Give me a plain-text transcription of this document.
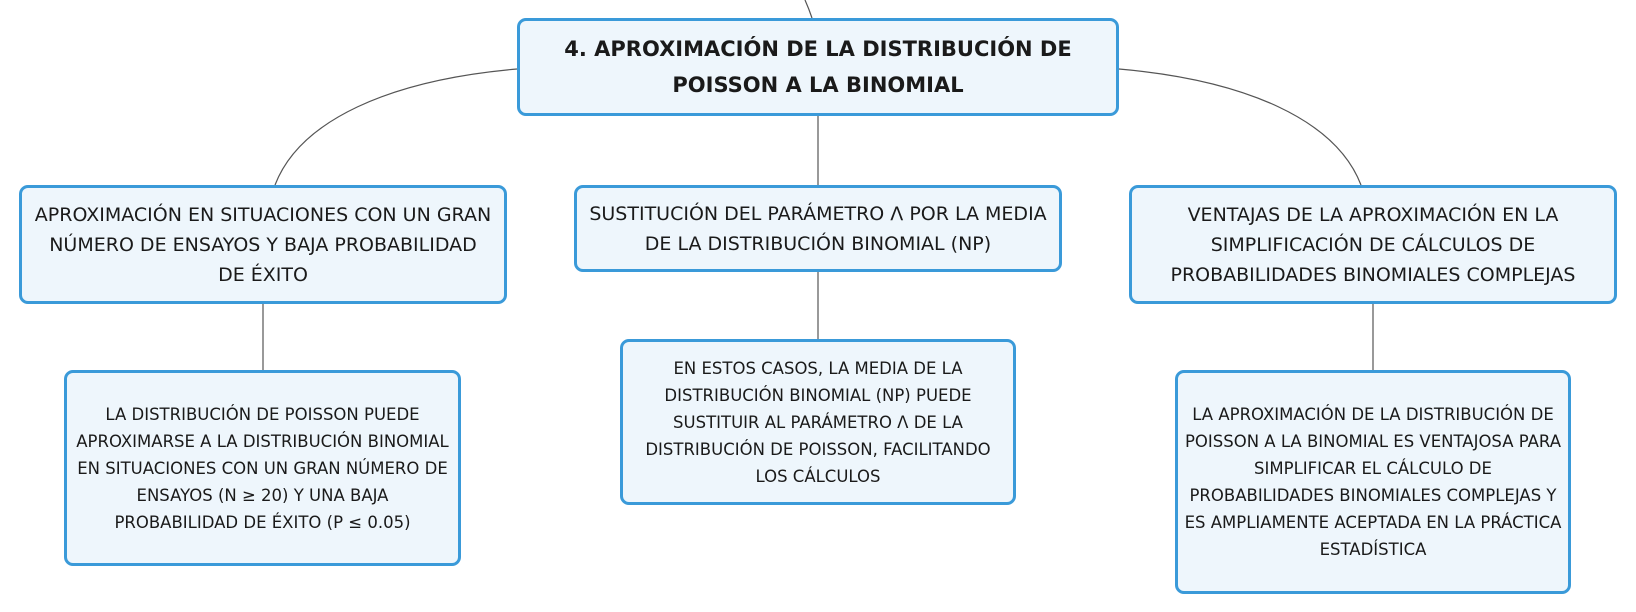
4. APROXIMACIÓN DE LA DISTRIBUCIÓN DE POISSON A LA BINOMIAL
APROXIMACIÓN EN SITUACIONES CON UN GRAN NÚMERO DE ENSAYOS Y BAJA PROBABILIDAD DE ÉXITO
SUSTITUCIÓN DEL PARÁMETRO Λ POR LA MEDIA DE LA DISTRIBUCIÓN BINOMIAL (NP)
VENTAJAS DE LA APROXIMACIÓN EN LA SIMPLIFICACIÓN DE CÁLCULOS DE PROBABILIDADES BINOMIALES COMPLEJAS
LA DISTRIBUCIÓN DE POISSON PUEDE APROXIMARSE A LA DISTRIBUCIÓN BINOMIAL EN SITUACIONES CON UN GRAN NÚMERO DE ENSAYOS (N ≥ 20) Y UNA BAJA PROBABILIDAD DE ÉXITO (P ≤ 0.05)
EN ESTOS CASOS, LA MEDIA DE LA DISTRIBUCIÓN BINOMIAL (NP) PUEDE SUSTITUIR AL PARÁMETRO Λ DE LA DISTRIBUCIÓN DE POISSON, FACILITANDO LOS CÁLCULOS
LA APROXIMACIÓN DE LA DISTRIBUCIÓN DE POISSON A LA BINOMIAL ES VENTAJOSA PARA SIMPLIFICAR EL CÁLCULO DE PROBABILIDADES BINOMIALES COMPLEJAS Y ES AMPLIAMENTE ACEPTADA EN LA PRÁCTICA ESTADÍSTICA
